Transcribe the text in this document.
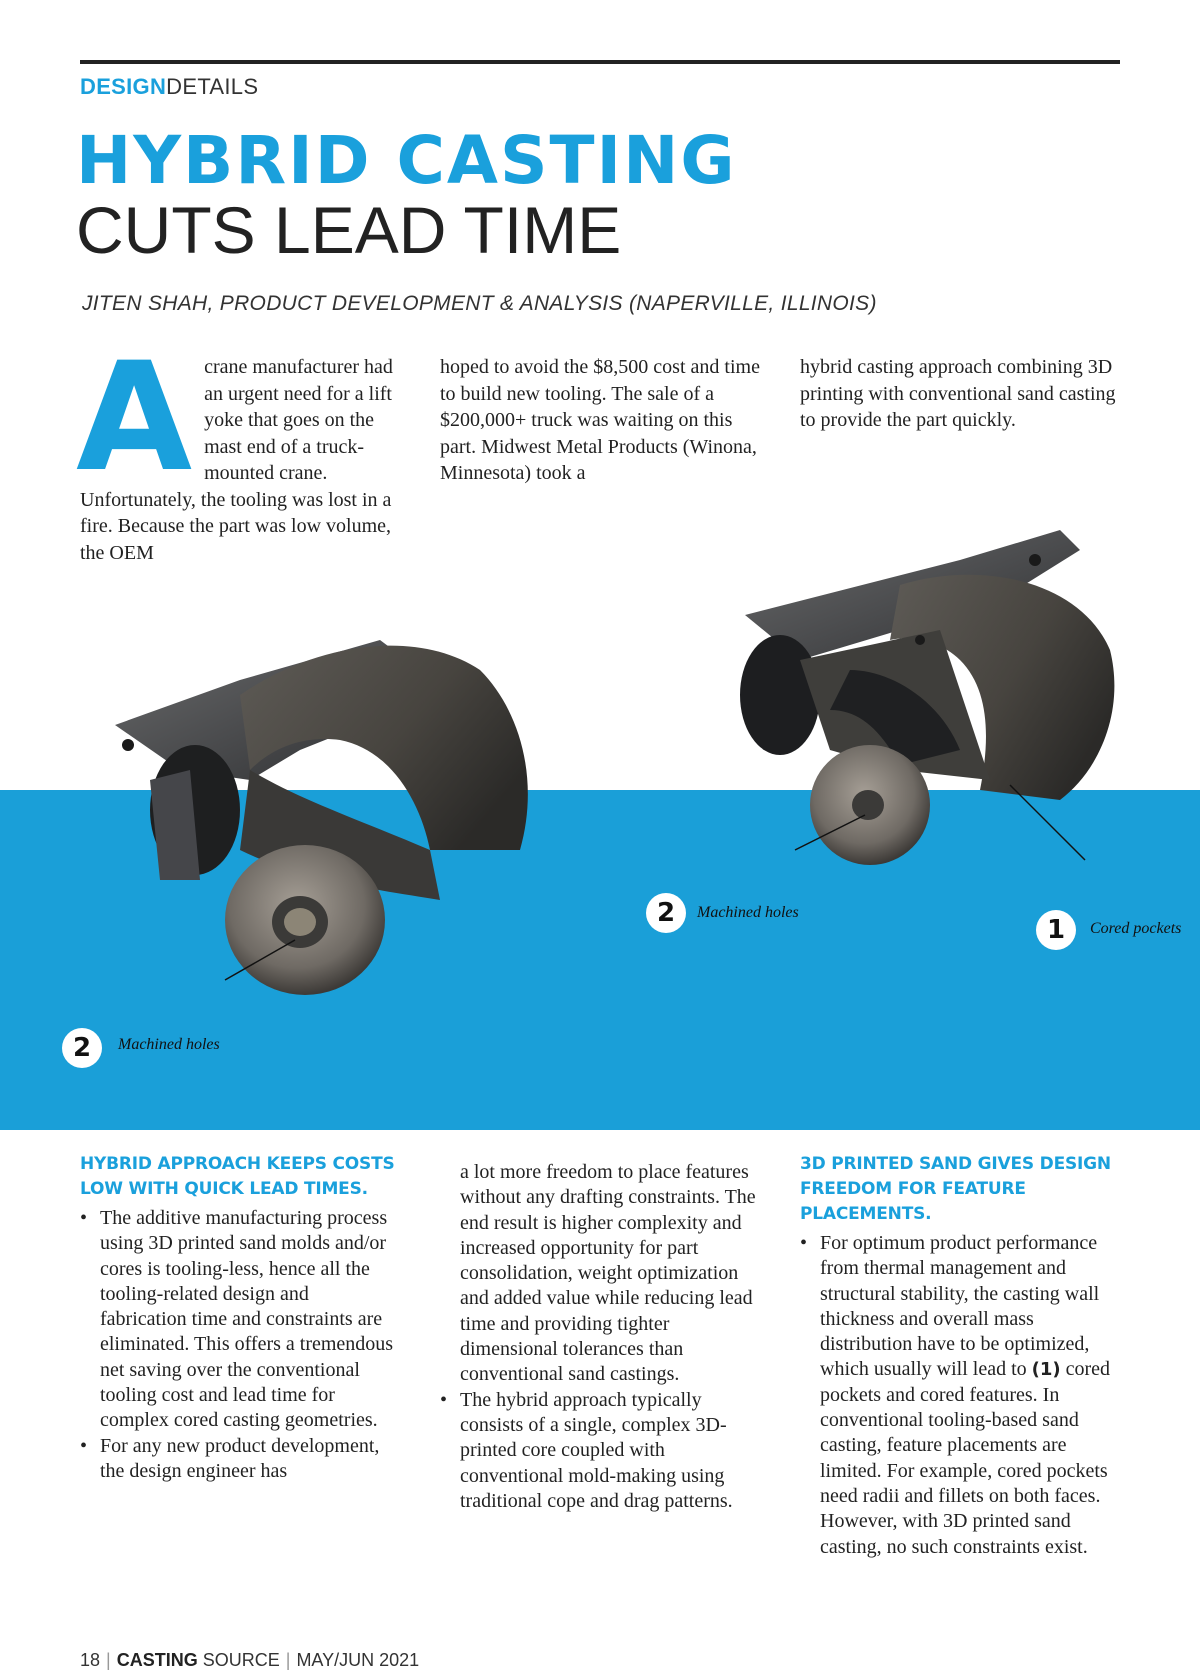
DESIGNDETAILS
HYBRID CASTING
CUTS LEAD TIME
JITEN SHAH, PRODUCT DEVELOPMENT & ANALYSIS (NAPERVILLE, ILLINOIS)
A crane manufacturer had an urgent need for a lift yoke that goes on the mast end of a truck-mounted crane. Unfortunately, the tooling was lost in a fire. Because the part was low volume, the OEM
hoped to avoid the $8,500 cost and time to build new tooling. The sale of a $200,000+ truck was waiting on this part. Midwest Metal Products (Winona, Minnesota) took a
hybrid casting approach combining 3D printing with conventional sand casting to provide the part quickly.
2	Machined holes
2	Machined holes
1	Cored pockets
HYBRID APPROACH KEEPS COSTS LOW WITH QUICK LEAD TIMES.
• The additive manufacturing process using 3D printed sand molds and/or cores is tooling-less, hence all the tooling-related design and fabrication time and constraints are eliminated. This offers a tremendous net saving over the conventional tooling cost and lead time for complex cored casting geometries.
• For any new product development, the design engineer has
a lot more freedom to place features without any drafting constraints. The end result is higher complexity and increased opportunity for part consolidation, weight optimization and added value while reducing lead time and providing tighter dimensional tolerances than conventional sand castings.
• The hybrid approach typically consists of a single, complex 3D-printed core coupled with conventional mold-making using traditional cope and drag patterns.
3D PRINTED SAND GIVES DESIGN FREEDOM FOR FEATURE PLACEMENTS.
• For optimum product performance from thermal management and structural stability, the casting wall thickness and overall mass distribution have to be optimized, which usually will lead to (1) cored pockets and cored features. In conventional tooling-based sand casting, feature placements are limited. For example, cored pockets need radii and fillets on both faces. However, with 3D printed sand casting, no such constraints exist.
18 | CASTING SOURCE | MAY/JUN 2021
